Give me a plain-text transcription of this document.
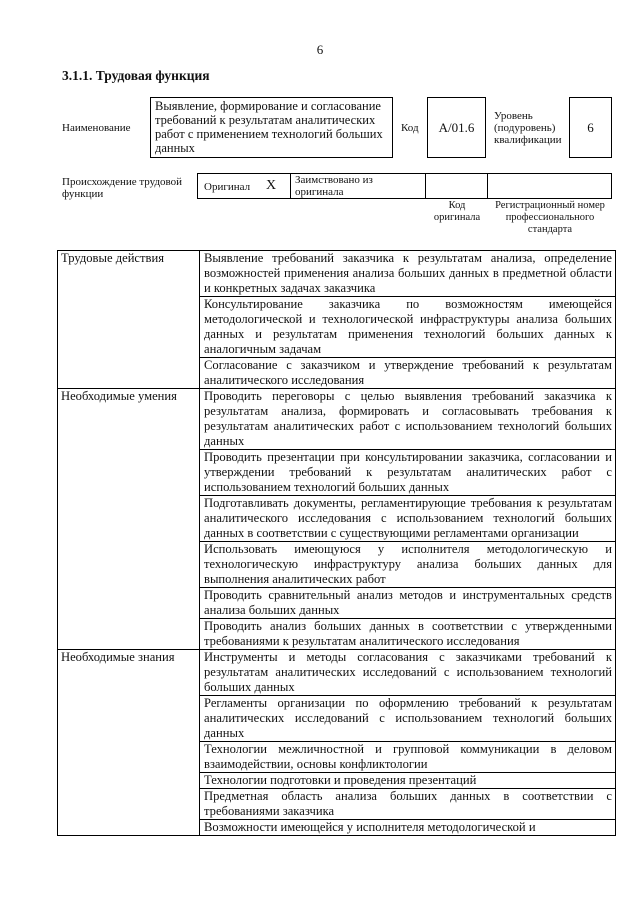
6
3.1.1. Трудовая функция
Наименование
Выявление, формирование и согласование требований к результатам аналитических работ с применением технологий больших данных
Код A/01.6
Уровень (подуровень) квалификации
6
Происхождение трудовой функции
Оригинал X Заимствовано из оригинала
Код оригинала
Регистрационный номер профессионального стандарта
Трудовые действия	Выявление требований заказчика к результатам анализа, определение возможностей применения анализа больших данных в предметной области и конкретных задачах заказчика
	Консультирование заказчика по возможностям имеющейся методологической и технологической инфраструктуры анализа больших данных и результатам применения технологий больших данных к аналогичным задачам
	Согласование с заказчиком и утверждение требований к результатам аналитического исследования
Необходимые умения	Проводить переговоры с целью выявления требований заказчика к результатам анализа, формировать и согласовывать требования к результатам аналитических работ с использованием технологий больших данных
	Проводить презентации при консультировании заказчика, согласовании и утверждении требований к результатам аналитических работ с использованием технологий больших данных
	Подготавливать документы, регламентирующие требования к результатам аналитического исследования с использованием технологий больших данных в соответствии с существующими регламентами организации
	Использовать имеющуюся у исполнителя методологическую и технологическую инфраструктуру анализа больших данных для выполнения аналитических работ
	Проводить сравнительный анализ методов и инструментальных средств анализа больших данных
	Проводить анализ больших данных в соответствии с утвержденными требованиями к результатам аналитического исследования
Необходимые знания	Инструменты и методы согласования с заказчиками требований к результатам аналитических исследований с использованием технологий больших данных
	Регламенты организации по оформлению требований к результатам аналитических исследований с использованием технологий больших данных
	Технологии межличностной и групповой коммуникации в деловом взаимодействии, основы конфликтологии
	Технологии подготовки и проведения презентаций
	Предметная область анализа больших данных в соответствии с требованиями заказчика
	Возможности имеющейся у исполнителя методологической и
